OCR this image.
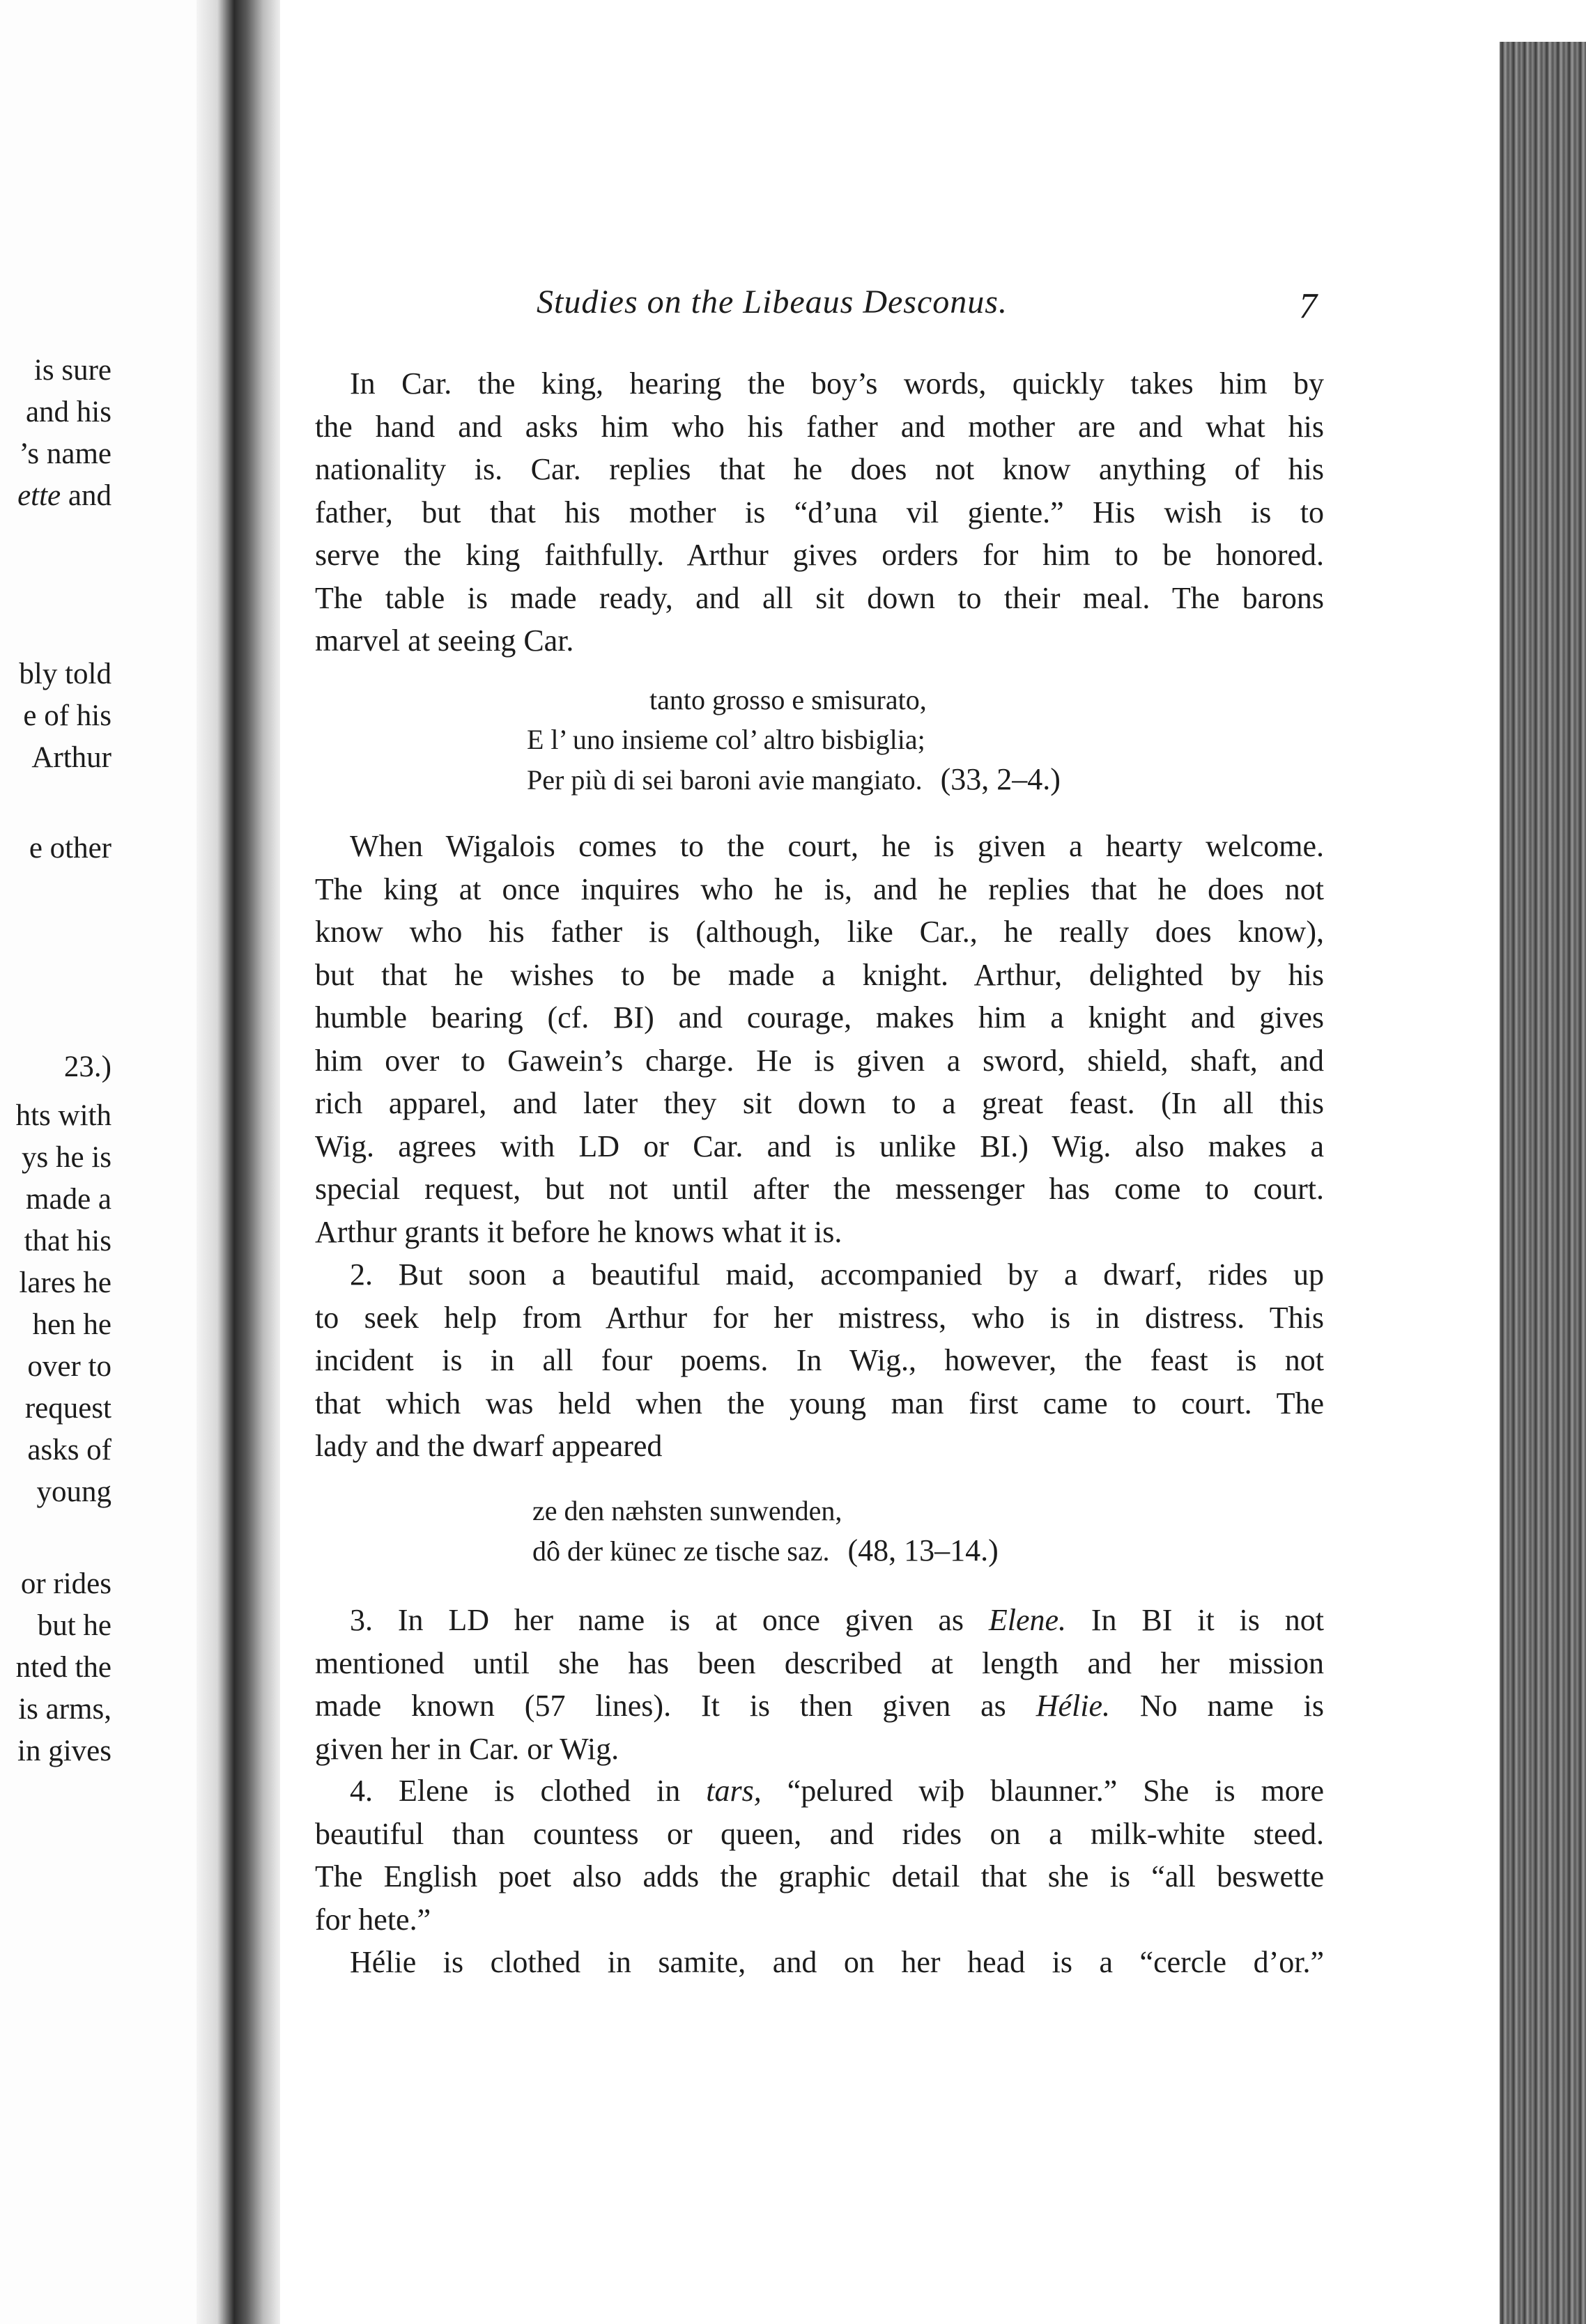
is sure
and his
’s name
ette and
bly told
e of his
Arthur
e other
23.)
hts with
ys he is
made a
that his
lares he
hen he
over to
request
asks of
young
or rides
but he
nted the
is arms,
in gives
Studies on the Libeaus Desconus.	7
In Car. the king, hearing the boy’s words, quickly takes him by
the hand and asks him who his father and mother are and what his
nationality is. Car. replies that he does not know anything of his
father, but that his mother is “d’una vil giente.” His wish is to
serve the king faithfully. Arthur gives orders for him to be honored.
The table is made ready, and all sit down to their meal. The barons
marvel at seeing Car.
tanto grosso e smisurato,
E l’ uno insieme col’ altro bisbiglia;
Per più di sei baroni avie mangiato. (33, 2–4.)
When Wigalois comes to the court, he is given a hearty welcome.
The king at once inquires who he is, and he replies that he does not
know who his father is (although, like Car., he really does know),
but that he wishes to be made a knight. Arthur, delighted by his
humble bearing (cf. BI) and courage, makes him a knight and gives
him over to Gawein’s charge. He is given a sword, shield, shaft, and
rich apparel, and later they sit down to a great feast. (In all this
Wig. agrees with LD or Car. and is unlike BI.) Wig. also makes a
special request, but not until after the messenger has come to court.
Arthur grants it before he knows what it is.
2. But soon a beautiful maid, accompanied by a dwarf, rides up
to seek help from Arthur for her mistress, who is in distress. This
incident is in all four poems. In Wig., however, the feast is not
that which was held when the young man first came to court. The
lady and the dwarf appeared
ze den næhsten sunwenden,
dô der künec ze tische saz. (48, 13–14.)
3. In LD her name is at once given as Elene. In BI it is not
mentioned until she has been described at length and her mission
made known (57 lines). It is then given as Hélie. No name is
given her in Car. or Wig.
4. Elene is clothed in tars, “pelured wiþ blaunner.” She is more
beautiful than countess or queen, and rides on a milk-white steed.
The English poet also adds the graphic detail that she is “all beswette
for hete.”
Hélie is clothed in samite, and on her head is a “cercle d’or.”
